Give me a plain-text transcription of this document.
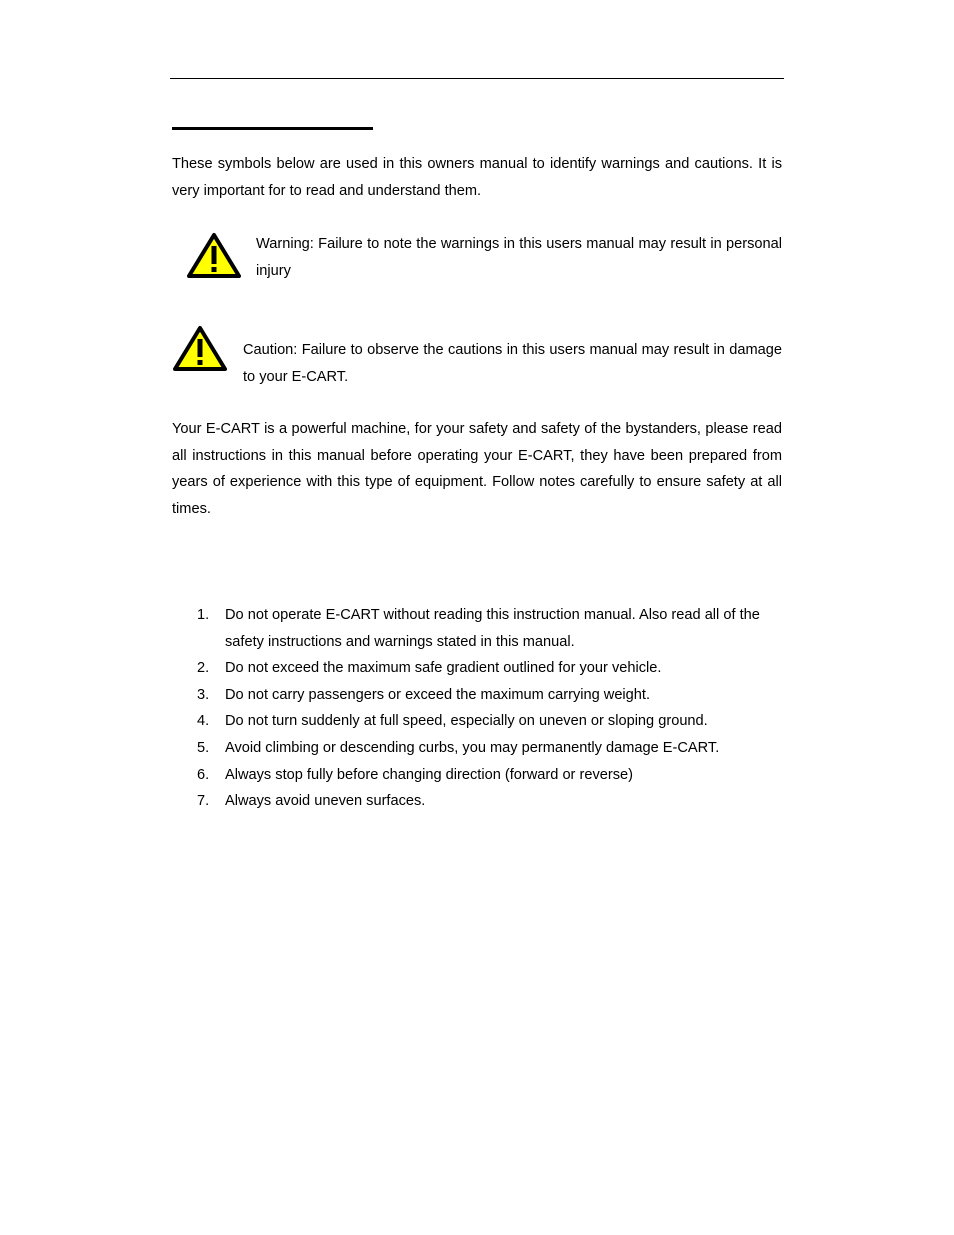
These symbols below are used in this owners manual to identify warnings and cautions. It is very important for to read and understand them.

Warning: Failure to note the warnings in this users manual may result in personal injury

Caution: Failure to observe the cautions in this users manual may result in damage to your E-CART.

Your E-CART is a powerful machine, for your safety and safety of the bystanders, please read all instructions in this manual before operating your E-CART, they have been prepared from years of experience with this type of equipment. Follow notes carefully to ensure safety at all times.

1. Do not operate E-CART without reading this instruction manual. Also read all of the safety instructions and warnings stated in this manual.
2. Do not exceed the maximum safe gradient outlined for your vehicle.
3. Do not carry passengers or exceed the maximum carrying weight.
4. Do not turn suddenly at full speed, especially on uneven or sloping ground.
5. Avoid climbing or descending curbs, you may permanently damage E-CART.
6. Always stop fully before changing direction (forward or reverse)
7. Always avoid uneven surfaces.
